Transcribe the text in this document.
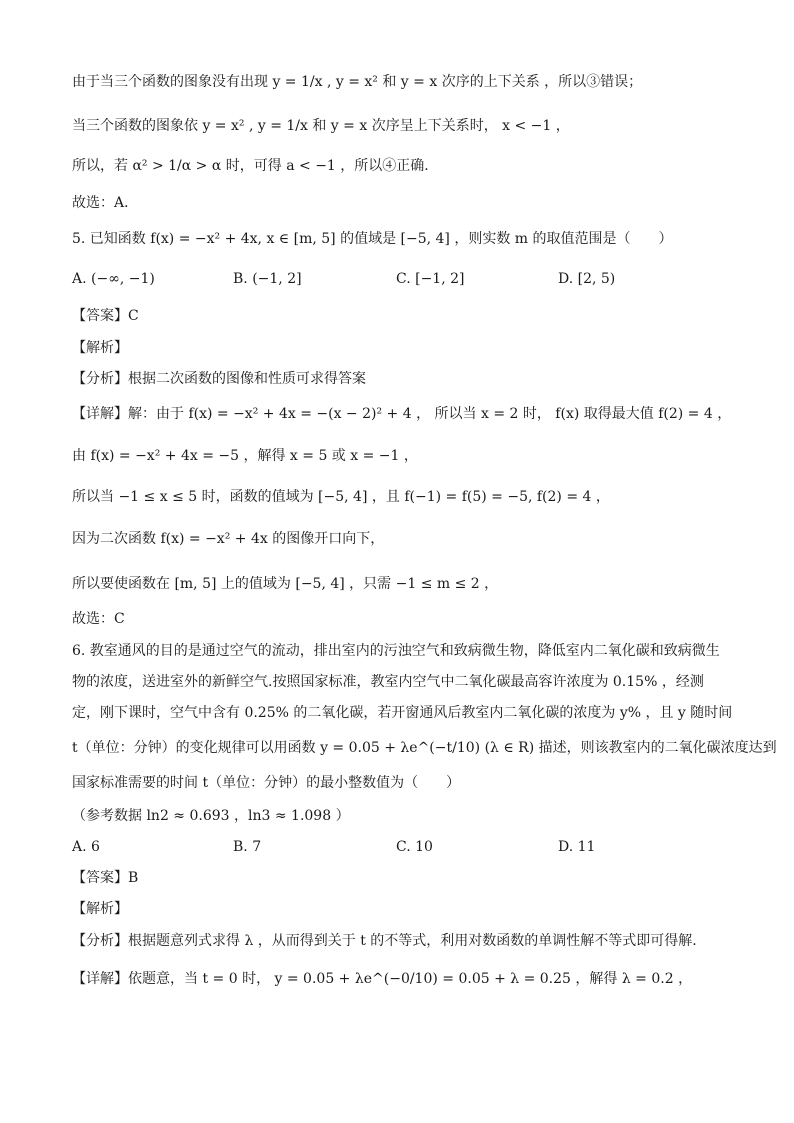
由于当三个函数的图象没有出现 y = 1/x , y = x² 和 y = x 次序的上下关系 ，所以③错误；
当三个函数的图象依 y = x² , y = 1/x 和 y = x 次序呈上下关系时， x < −1 ，
所以，若 α² > 1/α > α 时，可得 a < −1 ，所以④正确.
故选：A．
5. 已知函数 f(x) = −x² + 4x, x ∈ [m, 5] 的值域是 [−5, 4] ，则实数 m 的取值范围是（　　）
A. (−∞, −1)	B. (−1, 2]	C. [−1, 2]	D. [2, 5)
【答案】C
【解析】
【分析】根据二次函数的图像和性质可求得答案
【详解】解：由于 f(x) = −x² + 4x = −(x − 2)² + 4 ， 所以当 x = 2 时， f(x) 取得最大值 f(2) = 4 ，
由 f(x) = −x² + 4x = −5 ，解得 x = 5 或 x = −1 ，
所以当 −1 ≤ x ≤ 5 时，函数的值域为 [−5, 4] ，且 f(−1) = f(5) = −5, f(2) = 4 ，
因为二次函数 f(x) = −x² + 4x 的图像开口向下，
所以要使函数在 [m, 5] 上的值域为 [−5, 4] ，只需 −1 ≤ m ≤ 2 ，
故选：C
6. 教室通风的目的是通过空气的流动，排出室内的污浊空气和致病微生物，降低室内二氧化碳和致病微生
物的浓度，送进室外的新鲜空气.按照国家标准，教室内空气中二氧化碳最高容许浓度为 0.15% ，经测
定，刚下课时，空气中含有 0.25% 的二氧化碳，若开窗通风后教室内二氧化碳的浓度为 y% ，且 y 随时间
t（单位：分钟）的变化规律可以用函数 y = 0.05 + λe^(−t/10) (λ ∈ R) 描述，则该教室内的二氧化碳浓度达到
国家标准需要的时间 t（单位：分钟）的最小整数值为（　　）
（参考数据 ln2 ≈ 0.693 ，ln3 ≈ 1.098 ）
A. 6	B. 7	C. 10	D. 11
【答案】B
【解析】
【分析】根据题意列式求得 λ ，从而得到关于 t 的不等式，利用对数函数的单调性解不等式即可得解.
【详解】依题意，当 t = 0 时， y = 0.05 + λe^(−0/10) = 0.05 + λ = 0.25 ，解得 λ = 0.2 ，
